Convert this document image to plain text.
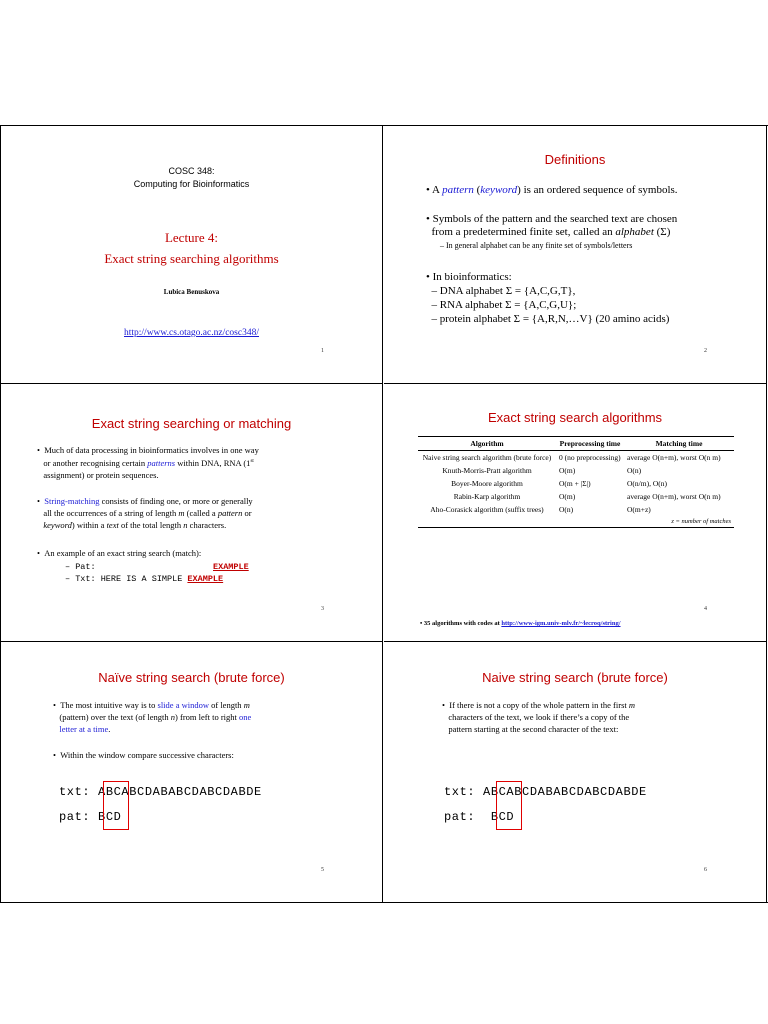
COSC 348:
Computing for Bioinformatics
Lecture 4:
Exact string searching algorithms
Lubica Benuskova
http://www.cs.otago.ac.nz/cosc348/
1
Definitions
• A pattern (keyword) is an ordered sequence of symbols.
• Symbols of the pattern and the searched text are chosen
from a predetermined finite set, called an alphabet (Σ)
– In general alphabet can be any finite set of symbols/letters
• In bioinformatics:
– DNA alphabet Σ = {A,C,G,T},
– RNA alphabet Σ = {A,C,G,U};
– protein alphabet Σ = {A,R,N,…V} (20 amino acids)
2
Exact string searching or matching
•  Much of data processing in bioinformatics involves in one way
or another recognising certain patterns within DNA, RNA (1st
assignment) or protein sequences.
•  String-matching consists of finding one, or more or generally
all the occurrences of a string of length m (called a pattern or
keyword) within a text of the total length n characters.
•  An example of an exact string search (match):
– Pat:	EXAMPLE
– Txt: HERE IS A SIMPLE EXAMPLE
3
Exact string search algorithms
Algorithm	Preprocessing time	Matching time
Naive string search algorithm (brute force)	0 (no preprocessing)	average O(n+m), worst O(n m)
Knuth-Morris-Pratt algorithm	O(m)	O(n)
Boyer-Moore algorithm	O(m + |Σ|)	O(n/m), O(n)
Rabin-Karp algorithm	O(m)	average O(n+m), worst O(n m)
Aho-Corasick algorithm (suffix trees)	O(n)	O(m+z)
		z = number of matches
• 35 algorithms with codes at http://www-igm.univ-mlv.fr/~lecroq/string/
4
Naïve string search (brute force)
•  The most intuitive way is to slide a window of length m
(pattern) over the text (of length n) from left to right one
letter at a time.
•  Within the window compare successive characters:
txt: ABCABCDABABCDABCDABDE
pat: BCD
5
Naive string search (brute force)
•  If there is not a copy of the whole pattern in the first m
characters of the text, we look if there’s a copy of the
pattern starting at the second character of the text:
txt: ABCABCDABABCDABCDABDE
pat: BCD
6
